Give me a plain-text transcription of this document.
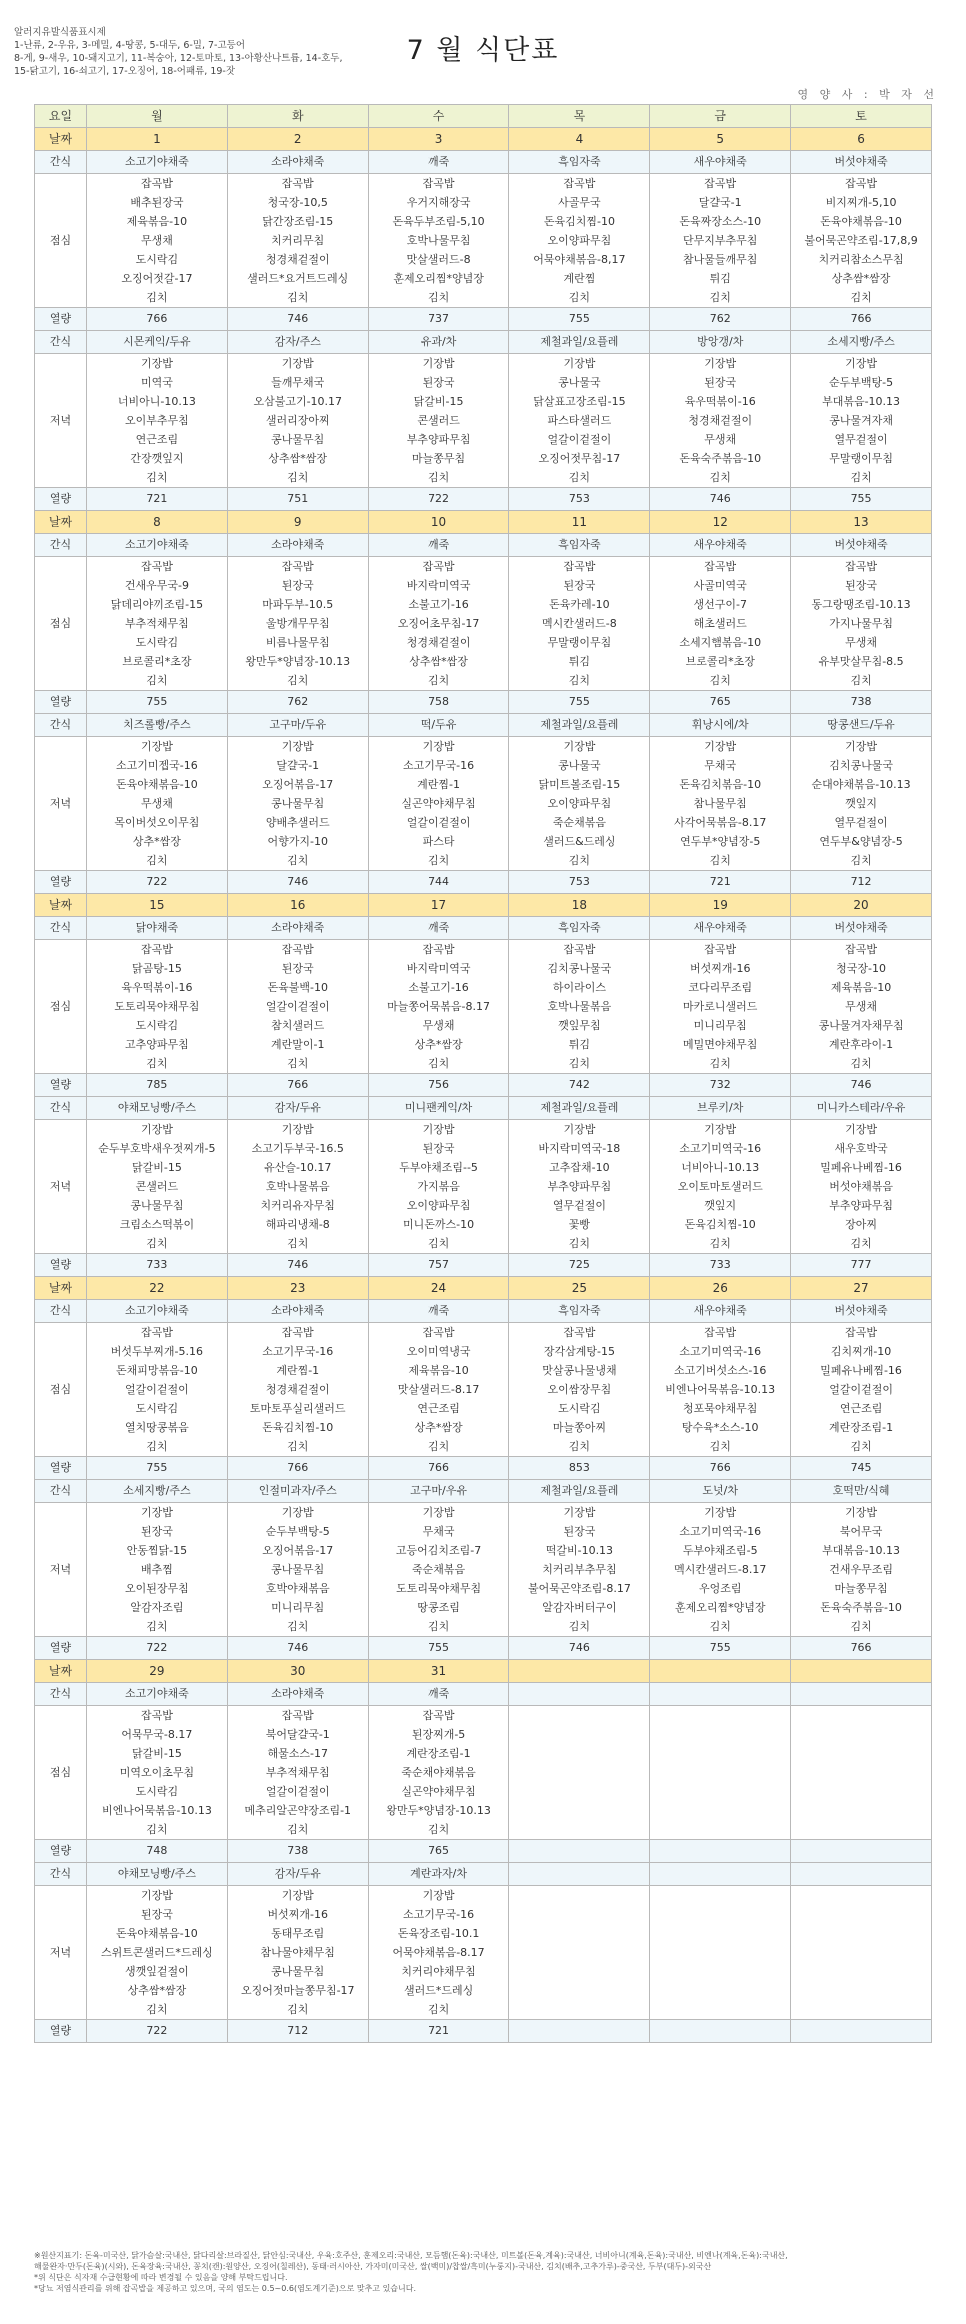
알러지유발식품표시제
1-난류, 2-우유, 3-메밀, 4-땅콩, 5-대두, 6-밀, 7-고등어
8-게, 9-새우, 10-돼지고기, 11-복숭아, 12-토마토, 13-아황산나트륨, 14-호두,
15-닭고기, 16-쇠고기, 17-오징어, 18-어패류, 19-잣
7 월 식단표
영 양 사 : 박 자 선
요일	월	화	수	목	금	토
날짜	1	2	3	4	5	6
간식	소고기야채죽	소라야채죽	깨죽	흑임자죽	새우야채죽	버섯야채죽
점심	잡곡밥	잡곡밥	잡곡밥	잡곡밥	잡곡밥	잡곡밥
	배추된장국	청국장-10,5	우거지해장국	사골무국	달걀국-1	비지찌개-5,10
	제육볶음-10	닭간장조림-15	돈육두부조림-5,10	돈육김치찜-10	돈육짜장소스-10	돈육야채볶음-10
	무생채	치커리무침	호박나물무침	오이양파무침	단무지부추무침	불어묵곤약조림-17,8,9
	도시락김	청경채겉절이	맛살샐러드-8	어묵야채볶음-8,17	참나물들깨무침	치커리참소스무침
	오징어젓갈-17	샐러드*요거트드레싱	훈제오리찜*양념장	계란찜	튀김	상추쌈*쌈장
	김치	김치	김치	김치	김치	김치
열량	766	746	737	755	762	766
간식	시몬케익/두유	감자/주스	유과/차	제철과일/요플레	방앙갱/차	소세지빵/주스
저녁	기장밥	기장밥	기장밥	기장밥	기장밥	기장밥
	미역국	들깨무채국	된장국	콩나물국	된장국	순두부백탕-5
	너비아니-10.13	오삼불고기-10.17	닭갈비-15	닭살표고장조림-15	육우떡볶이-16	부대볶음-10.13
	오이부추무침	샐러리장아찌	콘샐러드	파스타샐러드	청경채겉절이	콩나물겨자채
	연근조림	콩나물무침	부추양파무침	얼갈이겉절이	무생채	열무겉절이
	간장깻잎지	상추쌈*쌈장	마늘쫑무침	오징어젓무침-17	돈육숙주볶음-10	무말랭이무침
	김치	김치	김치	김치	김치	김치
열량	721	751	722	753	746	755
날짜	8	9	10	11	12	13
간식	소고기야채죽	소라야채죽	깨죽	흑임자죽	새우야채죽	버섯야채죽
점심	잡곡밥	잡곡밥	잡곡밥	잡곡밥	잡곡밥	잡곡밥
	건새우무국-9	된장국	바지락미역국	된장국	사골미역국	된장국
	닭데리야끼조림-15	마파두부-10.5	소불고기-16	돈육카레-10	생선구이-7	동그랑땡조림-10.13
	부추적채무침	울방개무무침	오징어초무침-17	멕시칸샐러드-8	해초샐러드	가지나물무침
	도시락김	비름나물무침	청경채겉절이	무말랭이무침	소세지햄볶음-10	무생채
	브로콜리*초장	왕만두*양념장-10.13	상추쌈*쌈장	튀김	브로콜리*초장	유부맛살무침-8.5
	김치	김치	김치	김치	김치	김치
열량	755	762	758	755	765	738
간식	치즈롤빵/주스	고구마/두유	떡/두유	제철과일/요플레	휘낭시에/차	땅콩샌드/두유
저녁	기장밥	기장밥	기장밥	기장밥	기장밥	기장밥
	소고기미젭국-16	달걀국-1	소고기무국-16	콩나물국	무채국	김치콩나물국
	돈육야채볶음-10	오징어볶음-17	계란찜-1	닭미트볼조림-15	돈육김치볶음-10	순대야채볶음-10.13
	무생채	콩나물무침	실곤약야채무침	오이양파무침	참나물무침	깻잎지
	목이버섯오이무침	양배추샐러드	얼갈이겉절이	죽순채볶음	사각어묵볶음-8.17	열무겉절이
	상추*쌈장	어향가지-10	파스타	샐러드&드레싱	연두부*양념장-5	연두부&양념장-5
	김치	김치	김치	김치	김치	김치
열량	722	746	744	753	721	712
날짜	15	16	17	18	19	20
간식	닭야채죽	소라야채죽	깨죽	흑임자죽	새우야채죽	버섯야채죽
점심	잡곡밥	잡곡밥	잡곡밥	잡곡밥	잡곡밥	잡곡밥
	닭곰탕-15	된장국	바지락미역국	김치콩나물국	버섯찌개-16	청국장-10
	육우떡볶이-16	돈육불백-10	소불고기-16	하이라이스	코다리무조림	제육볶음-10
	도토리묵야채무침	얼갈이겉절이	마늘쫑어묵볶음-8.17	호박나물볶음	마카로니샐러드	무생채
	도시락김	참치샐러드	무생채	깻잎무침	미니리무침	콩나물겨자채무침
	고추양파무침	계란말이-1	상추*쌈장	튀김	메밀면야채무침	계란후라이-1
	김치	김치	김치	김치	김치	김치
열량	785	766	756	742	732	746
간식	야채모닝빵/주스	감자/두유	미니팬케익/차	제철과일/요플레	브루키/차	미니카스테라/우유
저녁	기장밥	기장밥	기장밥	기장밥	기장밥	기장밥
	순두부호박새우젓찌개-5	소고기두부국-16.5	된장국	바지락미역국-18	소고기미역국-16	새우호박국
	닭갈비-15	유산슬-10.17	두부야채조림--5	고추잡채-10	너비아니-10.13	밀페유나베찜-16
	콘샐러드	호박나물볶음	가지볶음	부추양파무침	오이토마토샐러드	버섯야채볶음
	콩나물무침	치커리유자무침	오이양파무침	열무겉절이	깻잎지	부추양파무침
	크림소스떡볶이	해파리냉채-8	미니돈까스-10	꽃빵	돈육김치찜-10	장아찌
	김치	김치	김치	김치	김치	김치
열량	733	746	757	725	733	777
날짜	22	23	24	25	26	27
간식	소고기야채죽	소라야채죽	깨죽	흑임자죽	새우야채죽	버섯야채죽
점심	잡곡밥	잡곡밥	잡곡밥	잡곡밥	잡곡밥	잡곡밥
	버섯두부찌개-5.16	소고기무국-16	오이미역냉국	장각삼계탕-15	소고기미역국-16	김치찌개-10
	돈채피망볶음-10	계란찜-1	제육볶음-10	맛살콩나물냉채	소고기버섯소스-16	밀페유나베찜-16
	얼갈이겉절이	청경채겉절이	맛살샐러드-8.17	오이쌈장무침	비엔나어묵볶음-10.13	얼갈이겉절이
	도시락김	토마토푸실리샐러드	연근조림	도시락김	청포묵야채무침	연근조림
	열치땅콩볶음	돈육김치찜-10	상추*쌈장	마늘쫑아찌	탕수육*소스-10	계란장조림-1
	김치	김치	김치	김치	김치	김치
열량	755	766	766	853	766	745
간식	소세지빵/주스	인절미과자/주스	고구마/우유	제철과일/요플레	도넛/차	호떡만/식혜
저녁	기장밥	기장밥	기장밥	기장밥	기장밥	기장밥
	된장국	순두부백탕-5	무채국	된장국	소고기미역국-16	북어무국
	안동찜닭-15	오징어볶음-17	고등어김치조림-7	떡갈비-10.13	두부야채조림-5	부대볶음-10.13
	배추찜	콩나물무침	죽순채볶음	치커리부추무침	멕시칸샐러드-8.17	건새우무조림
	오이된장무침	호박야채볶음	도토리묵야채무침	불어묵곤약조림-8.17	우엉조림	마늘쫑무침
	알감자조림	미니리무침	땅콩조림	알감자버터구이	훈제오리찜*양념장	돈육숙주볶음-10
	김치	김치	김치	김치	김치	김치
열량	722	746	755	746	755	766
날짜	29	30	31			
간식	소고기야채죽	소라야채죽	깨죽			
점심	잡곡밥	잡곡밥	잡곡밥			
	어묵무국-8.17	북어달걀국-1	된장찌개-5			
	닭갈비-15	해물소스-17	계란장조림-1			
	미역오이초무침	부추적채무침	죽순채야채볶음			
	도시락김	얼갈이겉절이	실곤약야채무침			
	비엔나어묵볶음-10.13	메추리알곤약장조림-1	왕만두*양념장-10.13			
	김치	김치	김치			
열량	748	738	765			
간식	야채모닝빵/주스	감자/두유	계란과자/차			
저녁	기장밥	기장밥	기장밥			
	된장국	버섯찌개-16	소고기무국-16			
	돈육야채볶음-10	동태무조림	돈육장조림-10.1			
	스위트콘샐러드*드레싱	참나물야채무침	어묵야채볶음-8.17			
	생깻잎겉절이	콩나물무침	치커리야채무침			
	상추쌈*쌈장	오징어젓마늘쫑무침-17	샐러드*드레싱			
	김치	김치	김치			
열량	722	712	721			
※원산지표기: 돈육-미국산, 닭가슴살:국내산, 닭다리살:브라질산, 닭안심:국내산, 우육:호주산, 훈제오리:국내산, 모듬햄(돈육):국내산, 미트볼(돈육,계육):국내산, 너비아니(계육,돈육):국내산, 비엔나(계육,돈육):국내산,
해물완자·만두(돈육)(시와), 돈육장육:국내산, 꽁치(캔):원양산, 오징어(칠레산), 동태·러시아산, 가자미(미국산, 쌀(백미)/찹쌀/흑미(누룽지)-국내산, 김치(배추,고추가루)-중국산, 두부(대두)-외국산
*위 식단은 식자재 수급현황에 따라 변경될 수 있음을 양해 부탁드립니다.
*당뇨 저염식관리를 위해 잡곡밥을 제공하고 있으며, 국의 염도는 0.5~0.6(염도계기준)으로 맞추고 있습니다.
